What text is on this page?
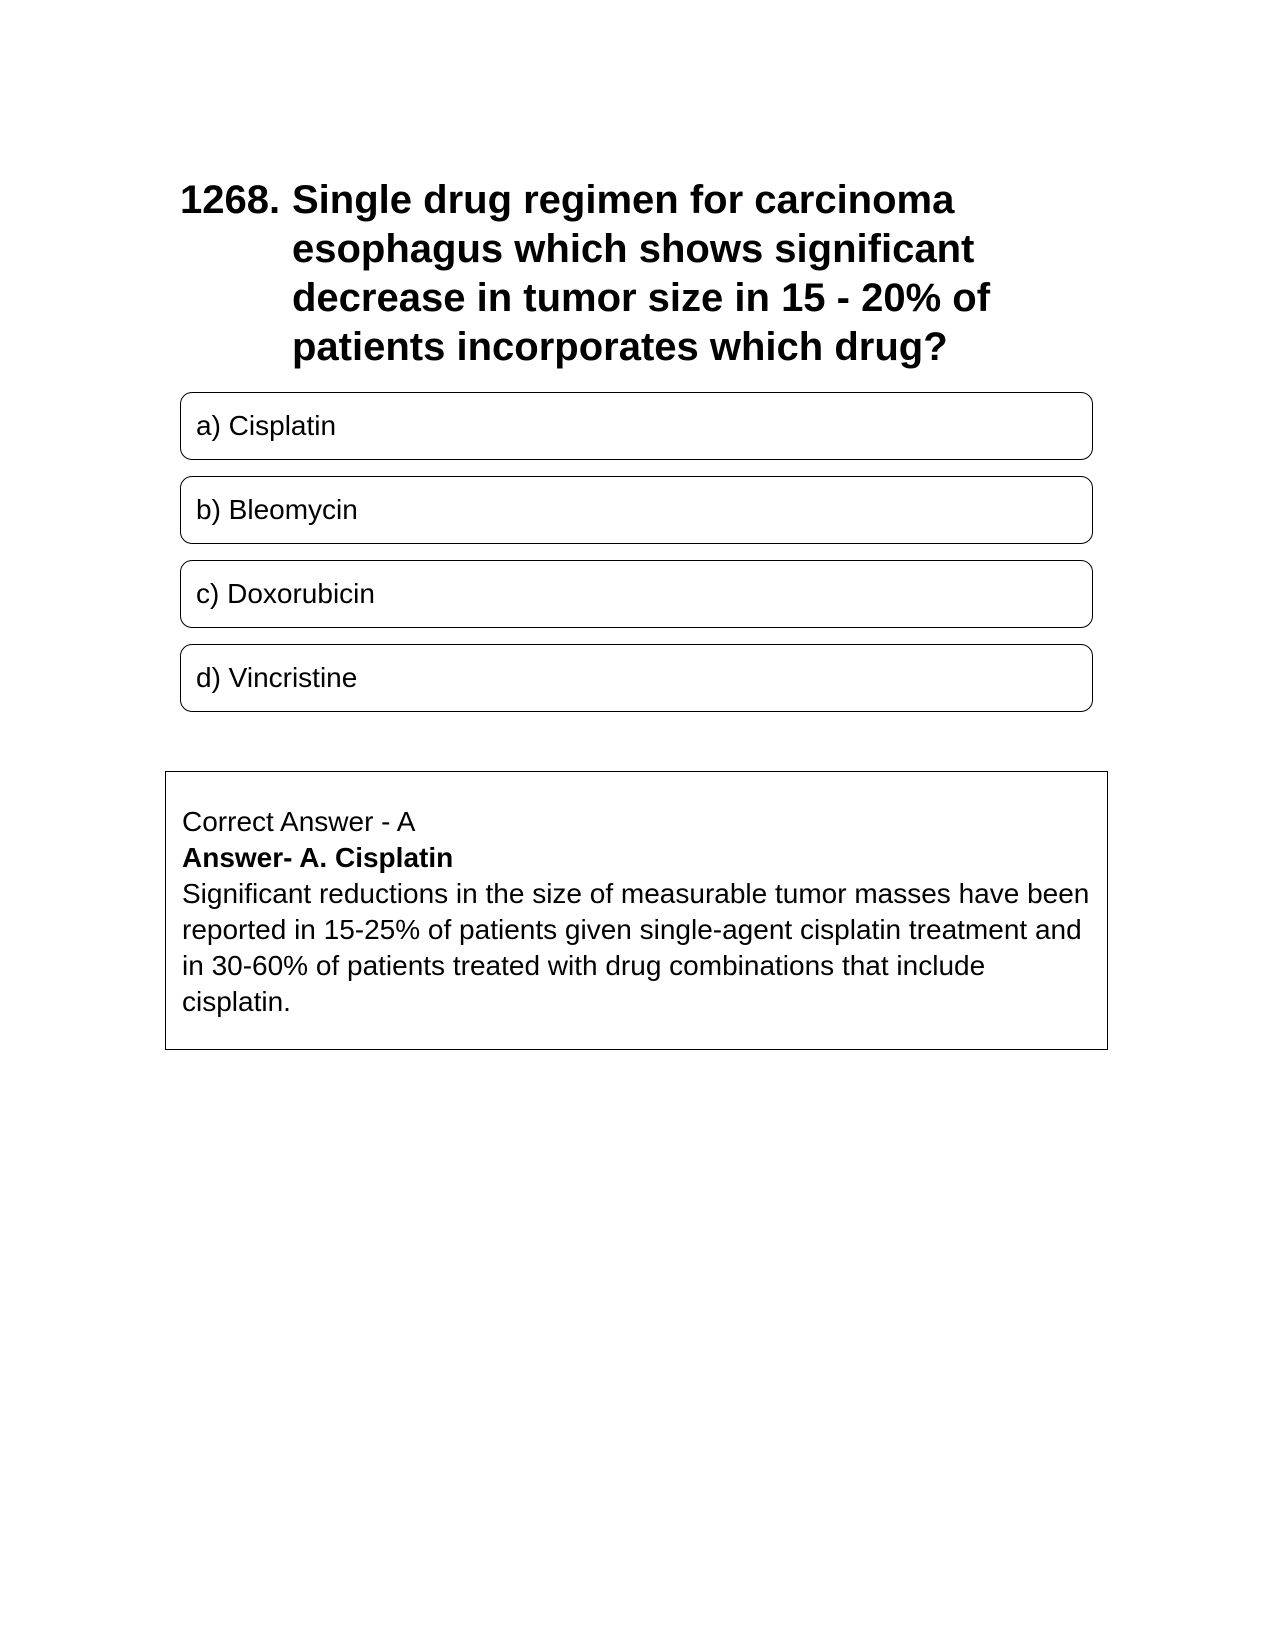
1268. Single drug regimen for carcinoma esophagus which shows significant decrease in tumor size in 15 - 20% of patients incorporates which drug?
a) Cisplatin
b) Bleomycin
c) Doxorubicin
d) Vincristine
Correct Answer - A
Answer- A. Cisplatin
Significant reductions in the size of measurable tumor masses have been reported in 15-25% of patients given single-agent cisplatin treatment and in 30-60% of patients treated with drug combinations that include cisplatin.
